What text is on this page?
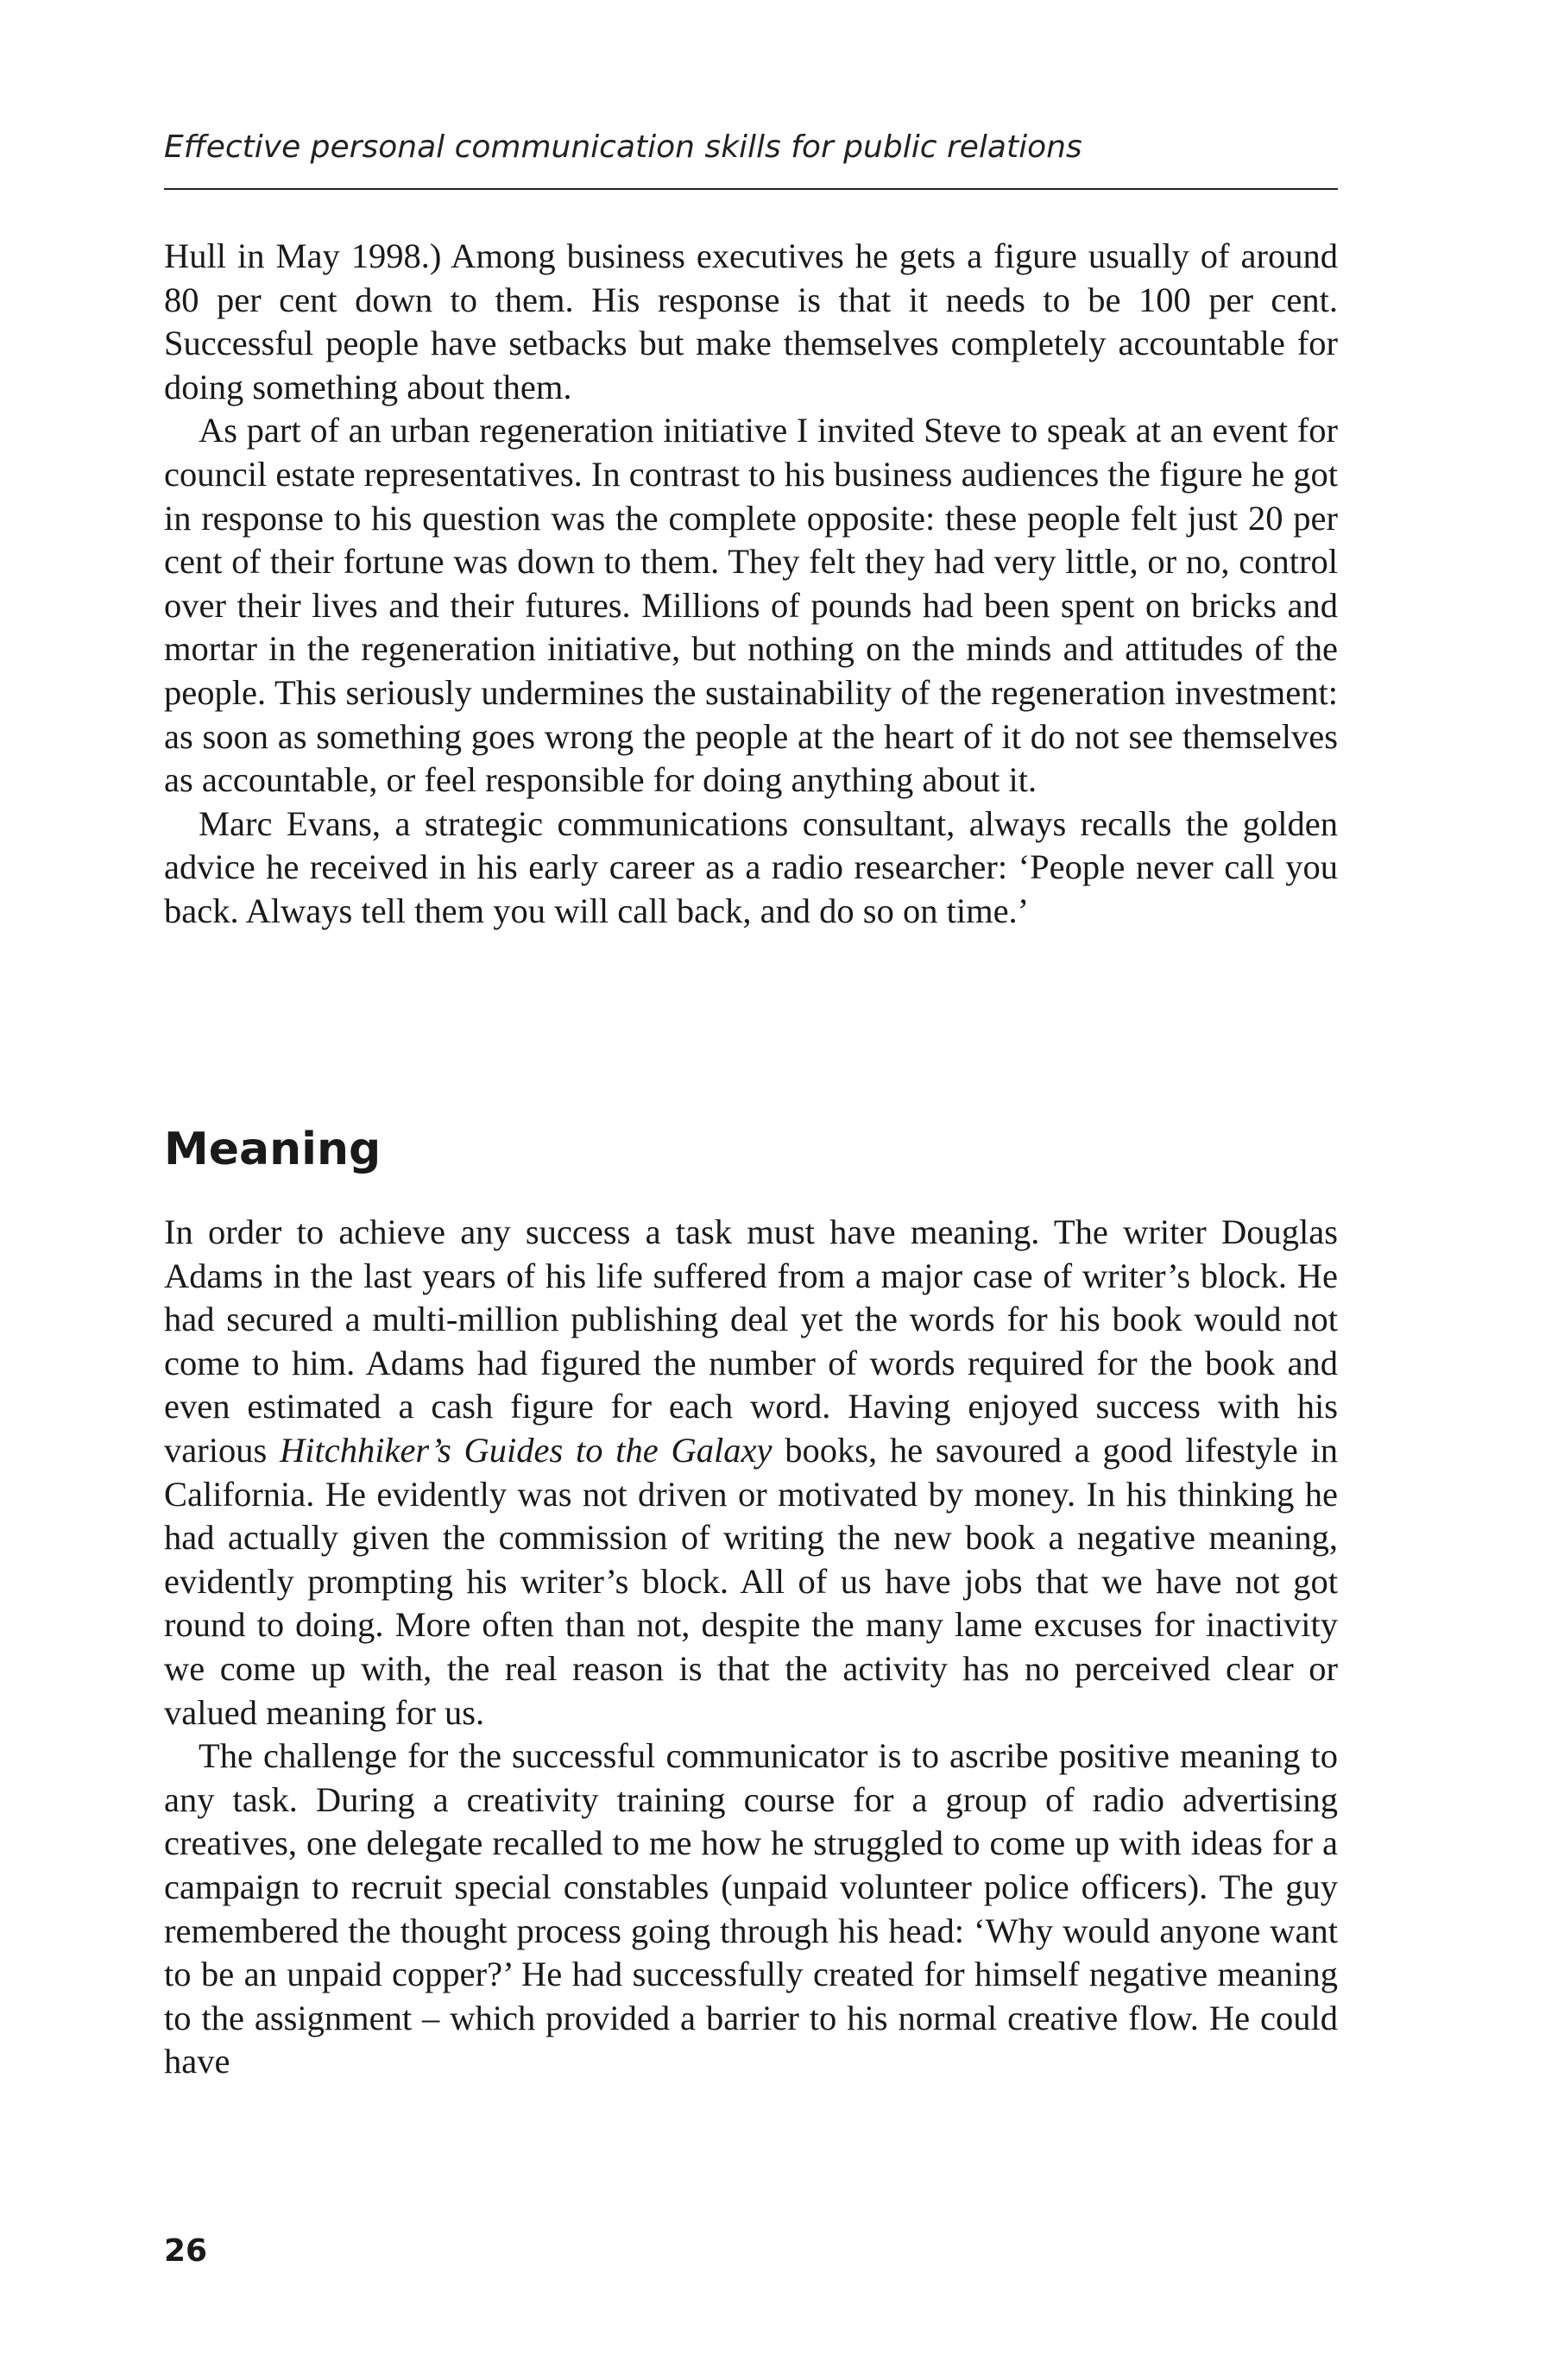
Effective personal communication skills for public relations

Hull in May 1998.) Among business executives he gets a figure usually of around 80 per cent down to them. His response is that it needs to be 100 per cent. Successful people have setbacks but make themselves completely accountable for doing something about them.

As part of an urban regeneration initiative I invited Steve to speak at an event for council estate representatives. In contrast to his business audiences the figure he got in response to his question was the complete opposite: these people felt just 20 per cent of their fortune was down to them. They felt they had very little, or no, control over their lives and their futures. Millions of pounds had been spent on bricks and mortar in the regeneration initiative, but nothing on the minds and attitudes of the people. This seriously undermines the sustainability of the regeneration investment: as soon as something goes wrong the people at the heart of it do not see themselves as accountable, or feel responsible for doing anything about it.

Marc Evans, a strategic communications consultant, always recalls the golden advice he received in his early career as a radio researcher: ‘People never call you back. Always tell them you will call back, and do so on time.’

Meaning

In order to achieve any success a task must have meaning. The writer Douglas Adams in the last years of his life suffered from a major case of writer’s block. He had secured a multi-million publishing deal yet the words for his book would not come to him. Adams had figured the number of words required for the book and even estimated a cash figure for each word. Having enjoyed success with his various Hitchhiker’s Guides to the Galaxy books, he savoured a good lifestyle in California. He evidently was not driven or motivated by money. In his thinking he had actually given the commission of writing the new book a negative meaning, evidently prompting his writer’s block. All of us have jobs that we have not got round to doing. More often than not, despite the many lame excuses for inactivity we come up with, the real reason is that the activity has no perceived clear or valued meaning for us.

The challenge for the successful communicator is to ascribe positive meaning to any task. During a creativity training course for a group of radio advertising creatives, one delegate recalled to me how he struggled to come up with ideas for a campaign to recruit special constables (unpaid volunteer police officers). The guy remembered the thought process going through his head: ‘Why would anyone want to be an unpaid copper?’ He had successfully created for himself negative meaning to the assignment – which provided a barrier to his normal creative flow. He could have

26
